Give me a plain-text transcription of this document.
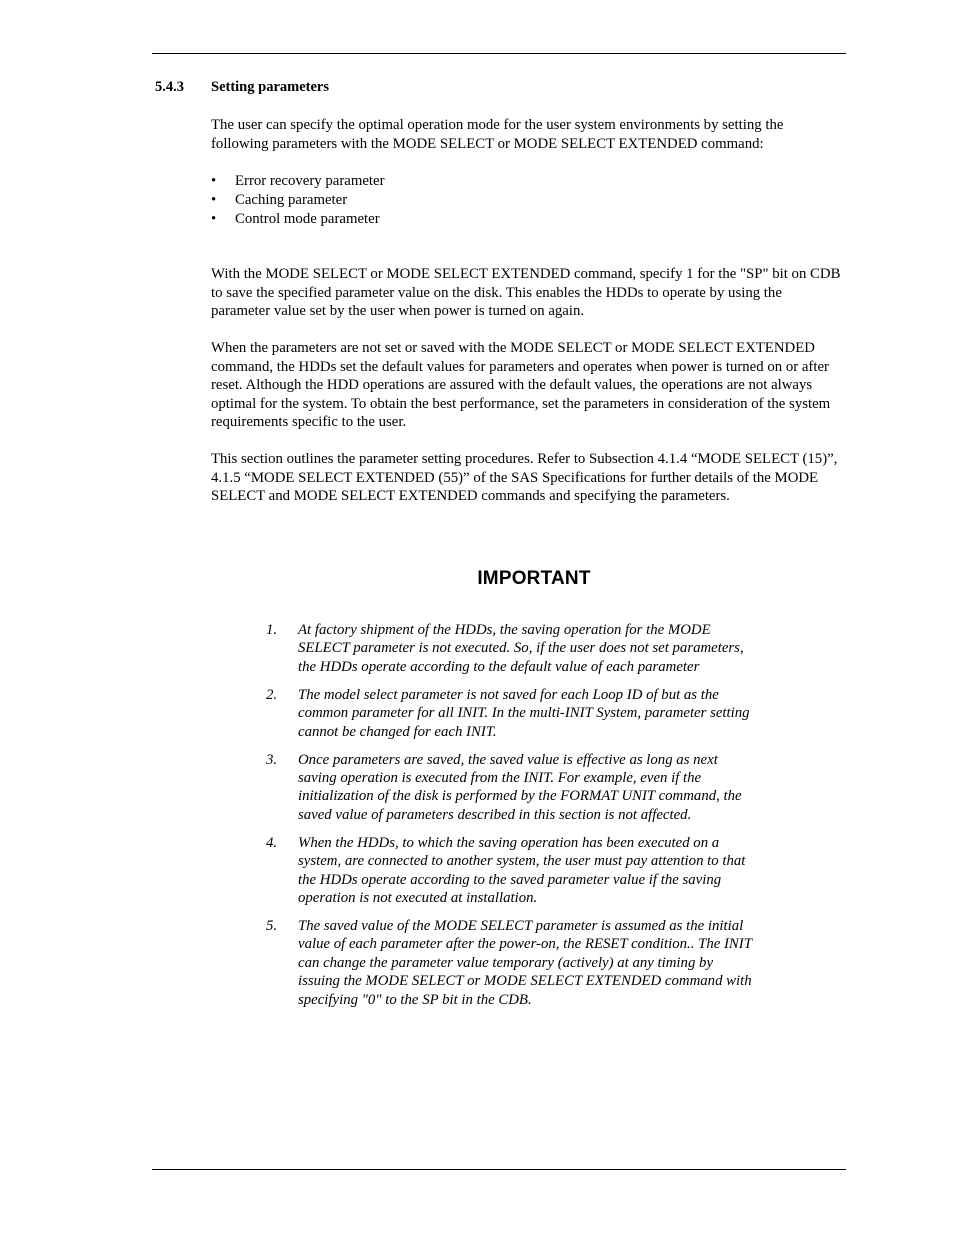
5.4.3 Setting parameters
The user can specify the optimal operation mode for the user system environments by setting the following parameters with the MODE SELECT or MODE SELECT EXTENDED command:
• Error recovery parameter
• Caching parameter
• Control mode parameter
With the MODE SELECT or MODE SELECT EXTENDED command, specify 1 for the "SP" bit on CDB to save the specified parameter value on the disk. This enables the HDDs to operate by using the parameter value set by the user when power is turned on again.
When the parameters are not set or saved with the MODE SELECT or MODE SELECT EXTENDED command, the HDDs set the default values for parameters and operates when power is turned on or after reset. Although the HDD operations are assured with the default values, the operations are not always optimal for the system. To obtain the best performance, set the parameters in consideration of the system requirements specific to the user.
This section outlines the parameter setting procedures. Refer to Subsection 4.1.4 “MODE SELECT (15)”, 4.1.5 “MODE SELECT EXTENDED (55)” of the SAS Specifications for further details of the MODE SELECT and MODE SELECT EXTENDED commands and specifying the parameters.
IMPORTANT
1. At factory shipment of the HDDs, the saving operation for the MODE SELECT parameter is not executed. So, if the user does not set parameters, the HDDs operate according to the default value of each parameter
2. The model select parameter is not saved for each Loop ID of but as the common parameter for all INIT. In the multi-INIT System, parameter setting cannot be changed for each INIT.
3. Once parameters are saved, the saved value is effective as long as next saving operation is executed from the INIT. For example, even if the initialization of the disk is performed by the FORMAT UNIT command, the saved value of parameters described in this section is not affected.
4. When the HDDs, to which the saving operation has been executed on a system, are connected to another system, the user must pay attention to that the HDDs operate according to the saved parameter value if the saving operation is not executed at installation.
5. The saved value of the MODE SELECT parameter is assumed as the initial value of each parameter after the power-on, the RESET condition.. The INIT can change the parameter value temporary (actively) at any timing by issuing the MODE SELECT or MODE SELECT EXTENDED command with specifying "0" to the SP bit in the CDB.
